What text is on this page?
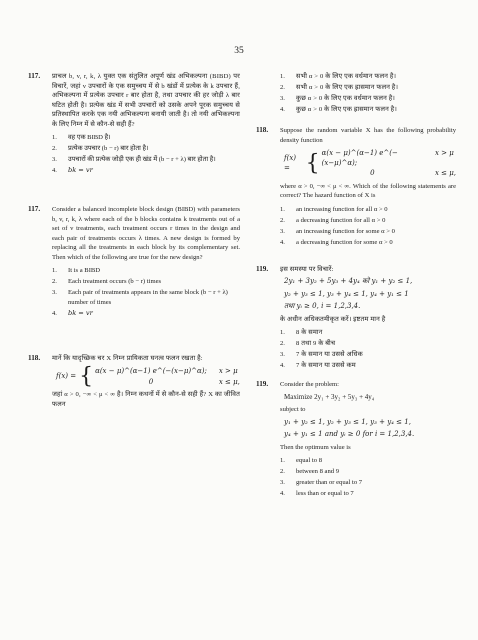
35
117. प्राचल b, v, r, k, λ युक्त एक संतुलित अपूर्ण खंड अभिकल्पना (BIBD) पर विचारें, जहां v उपचारों के एक समुच्चय में से b खंडों में प्रत्येक के k उपचार हैं, अभिकल्पना में प्रत्येक उपचार r बार होता है, तथा उपचार की हर जोड़ी λ बार घटित होती है। प्रत्येक खंड में सभी उपचारों को उसके अपने पूरक समुच्चय से प्रतिस्थापित करके एक नयी अभिकल्पना बनायी जाती है। तो नयी अभिकल्पना के लिए निम्न में से कौन-से सही हैं?
1. वह एक BIBD है।
2. प्रत्येक उपचार (b − r) बार होता है।
3. उपचारों की प्रत्येक जोड़ी एक ही खंड में (b − r + λ) बार होता है।
4. bk = vr
117. Consider a balanced incomplete block design (BIBD) with parameters b, v, r, k, λ where each of the b blocks contains k treatments out of a set of v treatments, each treatment occurs r times in the design and each pair of treatments occurs λ times. A new design is formed by replacing all the treatments in each block by its complementary set. Then which of the following are true for the new design?
1. It is a BIBD
2. Each treatment occurs (b − r) times
3. Each pair of treatments appears in the same block (b − r + λ) number of times
4. bk = vr
118. मानें कि यादृच्छिक चर X निम्न प्रायिकता घनत्व फलन रखता है:
f(x) = { α(x − μ)^(α−1) e^(−(x−μ)^α); x > μ
0	x ≤ μ,
जहां α > 0, −∞ < μ < ∞ है। निम्न कथनों में से कौन-से सही हैं? X का जीवित फलन
1. सभी α > 0 के लिए एक वर्धमान फलन है।
2. सभी α > 0 के लिए एक ह्रासमान फलन है।
3. कुछ α > 0 के लिए एक वर्धमान फलन है।
4. कुछ α > 0 के लिए एक ह्रासमान फलन है।
118. Suppose the random variable X has the following probability density function
f(x) = { α(x − μ)^(α−1) e^(−(x−μ)^α);
x > μ
0	x ≤ μ,
where α > 0, −∞ < μ < ∞. Which of the following statements are correct? The hazard function of X is
1. an increasing function for all α > 0
2. a decreasing function for all α > 0
3. an increasing function for some α > 0
4. a decreasing function for some α > 0
119. इस समस्या पर विचारें:
2y₁ + 3y₂ + 5y₃ + 4y₄ को y₁ + y₂ ≤ 1,
y₂ + y₃ ≤ 1, y₃ + y₄ ≤ 1, y₄ + y₁ ≤ 1
तथा yᵢ ≥ 0, i = 1,2,3,4.
के अधीन अधिकतमीकृत करें। इष्टतम मान है
1. 8 के समान
2. 8 तथा 9 के बीच
3. 7 के समान या उससे अधिक
4. 7 के समान या उससे कम
119. Consider the problem:
Maximize 2y₁ + 3y₂ + 5y₃ + 4y₄
subject to
y₁ + y₂ ≤ 1, y₂ + y₃ ≤ 1, y₃ + y₄ ≤ 1,
y₄ + y₁ ≤ 1 and yᵢ ≥ 0 for i = 1,2,3,4.
Then the optimum value is
1. equal to 8
2. between 8 and 9
3. greater than or equal to 7
4. less than or equal to 7
